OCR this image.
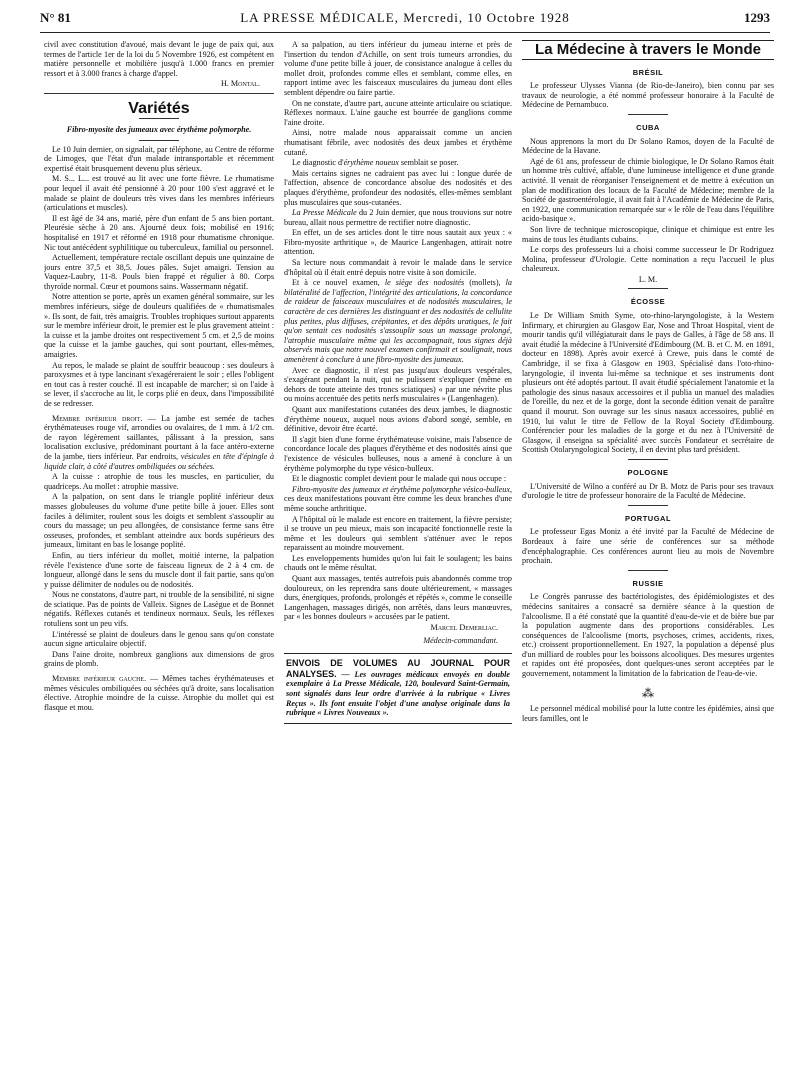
N° 81	LA PRESSE MÉDICALE, Mercredi, 10 Octobre 1928	1293

civil avec constitution d'avoué, mais devant le juge de paix qui, aux termes de l'article 1er de la loi du 5 Novembre 1926, est compétent en matière personnelle et mobilière jusqu'à 1.000 francs en premier ressort et à 3.000 francs à charge d'appel.

H. Montal.
Variétés
Fibro-myosite des jumeaux avec érythème polymorphe.

Le 10 Juin dernier, on signalait, par téléphone, au Centre de réforme de Limoges, que l'état d'un malade intransportable et récemment expertisé était brusquement devenu plus sérieux.

M. S... L... est trouvé au lit avec une forte fièvre. Le rhumatisme pour lequel il avait été pensionné à 20 pour 100 s'est aggravé et le malade se plaint de douleurs très vives dans les membres inférieurs (articulations et muscles).

Il est âgé de 34 ans, marié, père d'un enfant de 5 ans bien portant. Pleurésie sèche à 20 ans. Ajourné deux fois; mobilisé en 1916; hospitalisé en 1917 et réformé en 1918 pour rhumatisme chronique. Nic tout antécédent syphilitique ou tuberculeux, familial ou personnel.

Actuellement, température rectale oscillant depuis une quinzaine de jours entre 37,5 et 38,5. Joues pâles. Sujet amaigri. Tension au Vaquez-Laubry, 11-8. Pouls bien frappé et régulier à 80. Corps thyroïde normal. Cœur et poumons sains. Wassermann négatif.

Notre attention se porte, après un examen général sommaire, sur les membres inférieurs, siège de douleurs qualifiées de « rhumatismales ». Ils sont, de fait, très amaigris. Troubles trophiques surtout apparents sur le membre inférieur droit, le premier est le plus gravement atteint : la cuisse et la jambe droites ont respectivement 5 cm. et 2,5 de moins que la cuisse et la jambe gauches, qui sont pourtant, elles-mêmes, amaigries.

Au repos, le malade se plaint de souffrir beaucoup : ses douleurs à paroxysmes et à type lancinant s'exagéreraient le soir ; elles l'obligent en tout cas à rester couché. Il est incapable de marcher; si on l'aide à se lever, il s'accroche au lit, le corps plié en deux, dans l'impossibilité de se redresser.

Membre inférieur droit. — La jambe est semée de taches érythémateuses rouge vif, arrondies ou ovalaires, de 1 mm. à 1/2 cm. de rayon légèrement saillantes, pâlissant à la pression, sans localisation exclusive, prédominant pourtant à la face antéro-externe de la jambe, tiers inférieur. Par endroits, vésicules en tête d'épingle à liquide clair, à côté d'autres ombiliquées ou séchées.

A la cuisse : atrophie de tous les muscles, en particulier, du quadriceps. Au mollet : atrophie massive.

A la palpation, on sent dans le triangle poplité inférieur deux masses globuleuses du volume d'une petite bille à jouer. Elles sont faciles à délimiter, roulent sous les doigts et semblent s'assouplir au cours du massage; un peu allongées, de consistance ferme sans être osseuses, profondes, et semblant atteindre aux bords supérieurs des jumeaux, limitant en bas le losange poplité.

Enfin, au tiers inférieur du mollet, moitié interne, la palpation révèle l'existence d'une sorte de faisceau ligneux de 2 à 4 cm. de longueur, allongé dans le sens du muscle dont il fait partie, sans qu'on y puisse délimiter de nodules ou de nodosités.

Nous ne constatons, d'autre part, ni trouble de la sensibilité, ni signe de sciatique. Pas de points de Valleix. Signes de Lasègue et de Bonnet négatifs. Réflexes cutanés et tendineux normaux. Seuls, les réflexes rotuliens sont un peu vifs.

L'intéressé se plaint de douleurs dans le genou sans qu'on constate aucun signe articulaire objectif.

Dans l'aine droite, nombreux ganglions aux dimensions de gros grains de plomb.

Membre inférieur gauche. — Mêmes taches érythémateuses et mêmes vésicules ombiliquées ou séchées qu'à droite, sans localisation élective. Atrophie moindre de la cuisse. Atrophie du mollet qui est flasque et mou.

A sa palpation, au tiers inférieur du jumeau interne et près de l'insertion du tendon d'Achille, on sent trois tumeurs arrondies, du volume d'une petite bille à jouer, de consistance analogue à celles du mollet droit, profondes comme elles et semblant, comme elles, en rapport intime avec les faisceaux musculaires du jumeau dont elles semblent dépendre ou faire partie.

On ne constate, d'autre part, aucune atteinte articulaire ou sciatique. Réflexes normaux. L'aine gauche est bourrée de ganglions comme l'aine droite.

Ainsi, notre malade nous apparaissait comme un ancien rhumatisant fébrile, avec nodosités des deux jambes et érythème cutané.

Le diagnostic d'érythème noueux semblait se poser.

Mais certains signes ne cadraient pas avec lui : longue durée de l'affection, absence de concordance absolue des nodosités et des plaques d'érythème, profondeur des nodosités, elles-mêmes semblant plus musculaires que sous-cutanées.

La Presse Médicale du 2 Juin dernier, que nous trouvions sur notre bureau, allait nous permettre de rectifier notre diagnostic.

En effet, un de ses articles dont le titre nous sautait aux yeux : « Fibro-myosite arthritique », de Maurice Langenhagen, attirait notre attention.

Sa lecture nous commandait à revoir le malade dans le service d'hôpital où il était entré depuis notre visite à son domicile.

Et à ce nouvel examen, le siège des nodosités (mollets), la bilatéralité de l'affection, l'intégrité des articulations, la concordance de raideur de faisceaux musculaires et de nodosités musculaires, le caractère de ces dernières les distinguant et des nodosités de cellulite plus petites, plus diffuses, crépitantes, et des dépôts uratiques, le fait qu'on sentait ces nodosités s'assouplir sous un massage prolongé, l'atrophie musculaire même qui les accompagnait, tous signes déjà observés mais que notre nouvel examen confirmait et soulignait, nous amenèrent à conclure à une fibro-myosite des jumeaux.

Avec ce diagnostic, il n'est pas jusqu'aux douleurs vespérales, s'exagérant pendant la nuit, qui ne pulissent s'expliquer (même en dehors de toute atteinte des troncs sciatiques) « par une névrite plus ou moins accentuée des petits nerfs musculaires » (Langenhagen).

Quant aux manifestations cutanées des deux jambes, le diagnostic d'érythème noueux, auquel nous avions d'abord songé, semble, en définitive, devoir être écarté.

Il s'agit bien d'une forme érythémateuse voisine, mais l'absence de concordance locale des plaques d'érythème et des nodosités ainsi que l'existence de vésicules bulleuses, nous a amené à conclure à un érythème polymorphe du type vésico-bulleux.

Et le diagnostic complet devient pour le malade qui nous occupe :

Fibro-myosite des jumeaux et érythème polymorphe vésico-bulleux, ces deux manifestations pouvant être comme les deux branches d'une même souche arthritique.

A l'hôpital où le malade est encore en traitement, la fièvre persiste; il se trouve un peu mieux, mais son incapacité fonctionnelle reste la même et les douleurs qui semblent s'atténuer avec le repos reparaissent au moindre mouvement.

Les enveloppements humides qu'on lui fait le soulagent; les bains chauds ont le même résultat.

Quant aux massages, tentés autrefois puis abandonnés comme trop douloureux, on les reprendra sans doute ultérieurement, « massages durs, énergiques, profonds, prolongés et répétés », comme le conseille Langenhagen, massages dirigés, non arrêtés, dans leurs manœuvres, par « les bonnes douleurs » accusées par le patient.

Marcel Demerliac.
Médecin-commandant.

ENVOIS DE VOLUMES AU JOURNAL POUR ANALYSES. — Les ouvrages médicaux envoyés en double exemplaire à La Presse Médicale, 120, boulevard Saint-Germain, sont signalés dans leur ordre d'arrivée à la rubrique « Livres Reçus ». Ils font ensuite l'objet d'une analyse originale dans la rubrique « Livres Nouveaux ».

La Médecine à travers le Monde
BRÉSIL

Le professeur Ulysses Vianna (de Rio-de-Janeiro), bien connu par ses travaux de neurologie, a été nommé professeur honoraire à la Faculté de Médecine de Pernambuco.

CUBA

Nous apprenons la mort du Dr Solano Ramos, doyen de la Faculté de Médecine de la Havane.

Agé de 61 ans, professeur de chimie biologique, le Dr Solano Ramos était un homme très cultivé, affable, d'une lumineuse intelligence et d'une grande activité. Il venait de réorganiser l'enseignement et de mettre à exécution un plan de modification des locaux de la Faculté de Médecine; membre de la Société de gastroentérologie, il avait fait à l'Académie de Médecine de Paris, en 1922, une communication remarquée sur « le rôle de l'eau dans l'équilibre acido-basique ».

Son livre de technique microscopique, clinique et chimique est entre les mains de tous les étudiants cubains.

Le corps des professeurs lui a choisi comme successeur le Dr Rodriguez Molina, professeur d'Urologie. Cette nomination a reçu l'accueil le plus chaleureux.

L. M.
ÉCOSSE

Le Dr William Smith Syme, oto-rhino-laryngologiste, à la Western Infirmary, et chirurgien au Glasgow Ear, Nose and Throat Hospital, vient de mourir tandis qu'il villégiaturait dans le pays de Galles, à l'âge de 58 ans. Il avait étudié la médecine à l'Université d'Edimbourg (M. B. et C. M. en 1891, docteur en 1898). Après avoir exercé à Crewe, puis dans le comté de Cambridge, il se fixa à Glasgow en 1903. Spécialisé dans l'oto-rhino-laryngologie, il inventa lui-même sa technique et ses instruments dont plusieurs ont été adoptés partout. Il avait étudié spécialement l'anatomie et la pathologie des sinus nasaux accessoires et il publia un manuel des maladies de l'oreille, du nez et de la gorge, dont la seconde édition venait de paraître quand il mourut. Son ouvrage sur les sinus nasaux accessoires, publié en 1910, lui valut le titre de Fellow de la Royal Society d'Edimbourg. Conférencier pour les maladies de la gorge et du nez à l'Université de Glasgow, il enseigna sa spécialité avec succès Fondateur et secrétaire de Scottish Otolaryngological Society, il en devint plus tard président.

POLOGNE

L'Université de Wilno a conféré au Dr B. Motz de Paris pour ses travaux d'urologie le titre de professeur honoraire de la Faculté de Médecine.

PORTUGAL

Le professeur Egas Moniz a été invité par la Faculté de Médecine de Bordeaux à faire une série de conférences sur sa méthode d'encéphalographie. Ces conférences auront lieu au mois de Novembre prochain.

RUSSIE

Le Congrès panrusse des bactériologistes, des épidémiologistes et des médecins sanitaires a consacré sa dernière séance à la question de l'alcoolisme. Il a été constaté que la quantité d'eau-de-vie et de bière bue par la population augmente dans des proportions considérables. Les conséquences de l'alcoolisme (morts, psychoses, crimes, accidents, rixes, etc.) croissent proportionnellement. En 1927, la population a dépensé plus d'un milliard de roubles pour les boissons alcooliques. Des mesures urgentes et rapides ont été proposées, dont quelques-unes seront acceptées par le gouvernement, notamment la limitation de la fabrication de l'eau-de-vie.

⁂

Le personnel médical mobilisé pour la lutte contre les épidémies, ainsi que leurs familles, ont le
